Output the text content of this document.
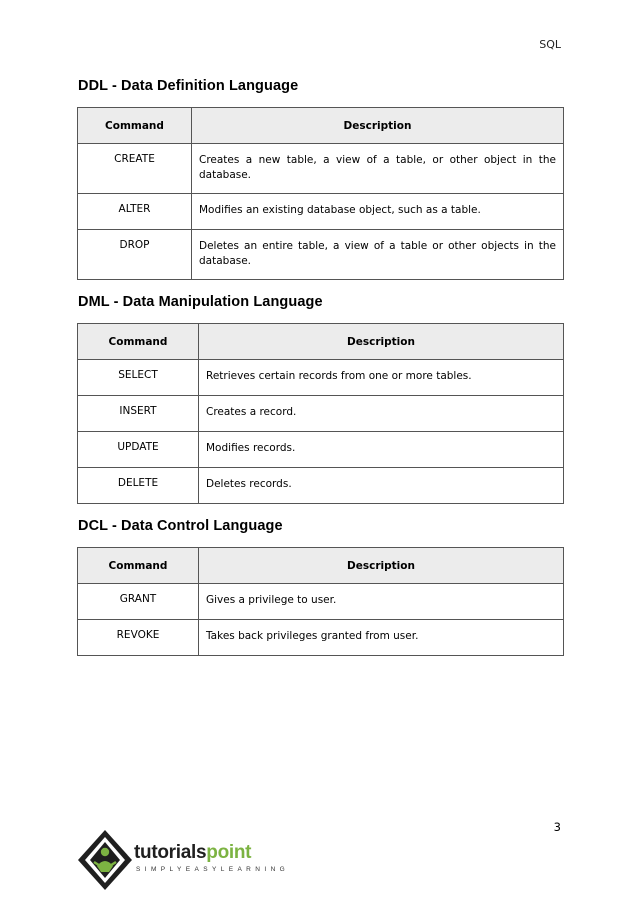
SQL
DDL - Data Definition Language
Command	Description
CREATE	Creates a new table, a view of a table, or other object in the database.
ALTER	Modifies an existing database object, such as a table.
DROP	Deletes an entire table, a view of a table or other objects in the database.
DML - Data Manipulation Language
Command	Description
SELECT	Retrieves certain records from one or more tables.
INSERT	Creates a record.
UPDATE	Modifies records.
DELETE	Deletes records.
DCL - Data Control Language
Command	Description
GRANT	Gives a privilege to user.
REVOKE	Takes back privileges granted from user.
3
tutorialspoint
SIMPLYEASYLEARNING
